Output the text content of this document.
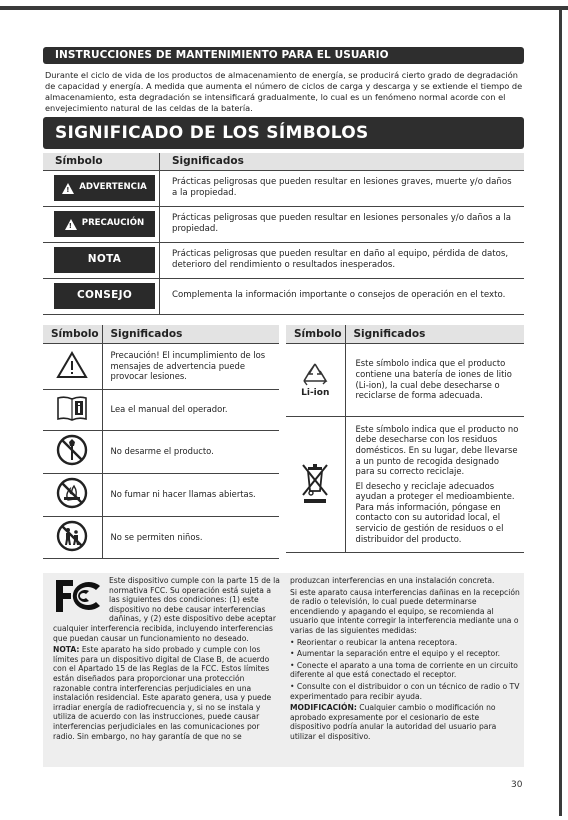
INSTRUCCIONES DE MANTENIMIENTO PARA EL USUARIO

Durante el ciclo de vida de los productos de almacenamiento de energía, se producirá cierto grado de degradación de capacidad y energía. A medida que aumenta el número de ciclos de carga y descarga y se extiende el tiempo de almacenamiento, esta degradación se intensificará gradualmente, lo cual es un fenómeno normal acorde con el envejecimiento natural de las celdas de la batería.

SIGNIFICADO DE LOS SÍMBOLOS
Símbolo	Significados

! ADVERTENCIA	Prácticas peligrosas que pueden resultar en lesiones graves, muerte y/o daños a la propiedad.

! PRECAUCIÓN	Prácticas peligrosas que pueden resultar en lesiones personales y/o daños a la propiedad.

NOTA	Prácticas peligrosas que pueden resultar en daño al equipo, pérdida de datos, deterioro del rendimiento o resultados inesperados.

CONSEJO	Complementa la información importante o consejos de operación en el texto.
Símbolo	Significados
	Precaución! El incumplimiento de los mensajes de advertencia puede provocar lesiones.
	Lea el manual del operador.
	No desarme el producto.
	No fumar ni hacer llamas abiertas.
	No se permiten niños.
Símbolo	Significados

Li-ion	Este símbolo indica que el producto contiene una batería de iones de litio (Li-ion), la cual debe desecharse o reciclarse de forma adecuada.

Este símbolo indica que el producto no debe desecharse con los residuos domésticos. En su lugar, debe llevarse a un punto de recogida designado para su correcto reciclaje.
El desecho y reciclaje adecuados ayudan a proteger el medioambiente. Para más información, póngase en contacto con su autoridad local, el servicio de gestión de residuos o el distribuidor del producto.

Este dispositivo cumple con la parte 15 de la normativa FCC. Su operación está sujeta a las siguientes dos condiciones: (1) este dispositivo no debe causar interferencias dañinas, y (2) este dispositivo debe aceptar cualquier interferencia recibida, incluyendo interferencias que puedan causar un funcionamiento no deseado.

NOTA: Este aparato ha sido probado y cumple con los límites para un dispositivo digital de Clase B, de acuerdo con el Apartado 15 de las Reglas de la FCC. Estos límites están diseñados para proporcionar una protección razonable contra interferencias perjudiciales en una instalación residencial. Este aparato genera, usa y puede irradiar energía de radiofrecuencia y, si no se instala y utiliza de acuerdo con las instrucciones, puede causar interferencias perjudiciales en las comunicaciones por radio. Sin embargo, no hay garantía de que no se

produzcan interferencias en una instalación concreta.

Si este aparato causa interferencias dañinas en la recepción de radio o televisión, lo cual puede determinarse encendiendo y apagando el equipo, se recomienda al usuario que intente corregir la interferencia mediante una o varias de las siguientes medidas:

• Reorientar o reubicar la antena receptora.

• Aumentar la separación entre el equipo y el receptor.

• Conecte el aparato a una toma de corriente en un circuito diferente al que está conectado el receptor.

• Consulte con el distribuidor o con un técnico de radio o TV experimentado para recibir ayuda.

MODIFICACIÓN: Cualquier cambio o modificación no aprobado expresamente por el cesionario de este dispositivo podría anular la autoridad del usuario para utilizar el dispositivo.

30
